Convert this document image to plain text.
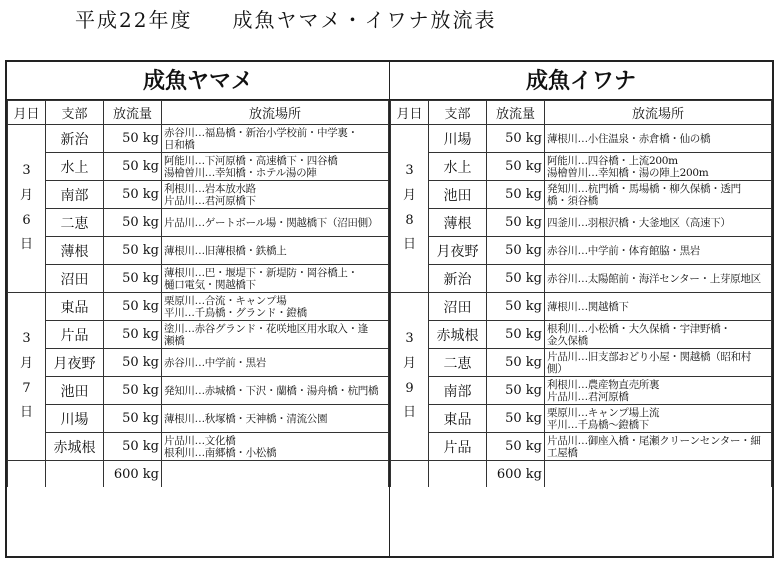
平成22年度 成魚ヤマメ・イワナ放流表
成魚ヤマメ
月日	支部	放流量	放流場所

3
月
6
日	新治	50 kg	赤谷川…福島橋・新治小学校前・中学裏・
日和橋

	水上	50 kg	阿能川…下河原橋・高速橋下・四谷橋
湯檜曽川…幸知橋・ホテル湯の陣

	南部	50 kg	利根川…岩本放水路
片品川…君河原橋下

	二恵	50 kg	片品川…ゲートボール場・関越橋下（沼田側）

	薄根	50 kg	薄根川…旧薄根橋・鉄橋上

	沼田	50 kg	薄根川…巴・堰堤下・新堤防・岡谷橋上・
樋口電気・関越橋下

3
月
7
日	東品	50 kg	栗原川…合流・キャンプ場
平川…千鳥橋・グランド・鐙橋

	片品	50 kg	塗川…赤谷グランド・花咲地区用水取入・逢
瀬橋

	月夜野	50 kg	赤谷川…中学前・黒岩

	池田	50 kg	発知川…赤城橋・下沢・蘭橋・湯舟橋・杭門橋

	川場	50 kg	薄根川…秋塚橋・天神橋・清流公園

	赤城根	50 kg	片品川…文化橋
根利川…南郷橋・小松橋

		600 kg	
成魚イワナ
月日	支部	放流量	放流場所

3
月
8
日	川場	50 kg	薄根川…小住温泉・赤倉橋・仙の橋

	水上	50 kg	阿能川…四谷橋・上流200m
湯檜曽川…幸知橋・湯の陣上200m

	池田	50 kg	発知川…杭門橋・馬場橋・柳久保橋・透門
橋・須谷橋

	薄根	50 kg	四釜川…羽根沢橋・大釜地区（高速下）

	月夜野	50 kg	赤谷川…中学前・体育館脇・黒岩

	新治	50 kg	赤谷川…太陽館前・海洋センター・上芽原地区

3
月
9
日	沼田	50 kg	薄根川…関越橋下

	赤城根	50 kg	根利川…小松橋・大久保橋・宇津野橋・
金久保橋

	二恵	50 kg	片品川…旧支部おどり小屋・関越橋（昭和村
側）

	南部	50 kg	利根川…農産物直売所裏
片品川…君河原橋

	東品	50 kg	栗原川…キャンプ場上流
平川…千鳥橋～鐙橋下

	片品	50 kg	片品川…御座入橋・尾瀬クリーンセンター・細
工屋橋

		600 kg	
